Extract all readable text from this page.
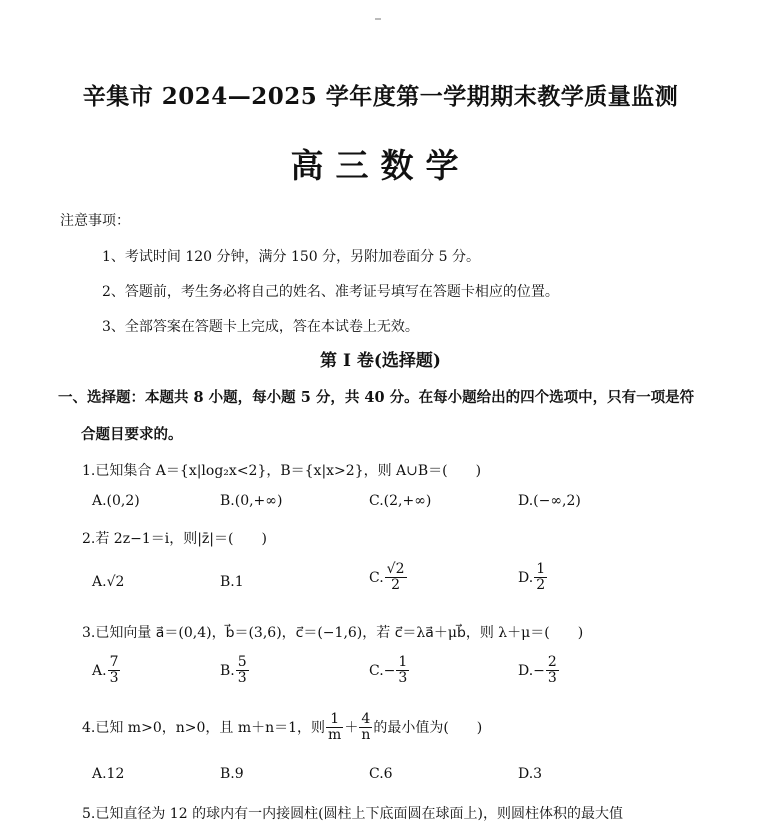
辛集市 2024—2025 学年度第一学期期末教学质量监测
高三数学
注意事项：
1、考试时间 120 分钟，满分 150 分，另附加卷面分 5 分。
2、答题前，考生务必将自己的姓名、准考证号填写在答题卡相应的位置。
3、全部答案在答题卡上完成，答在本试卷上无效。
第 I 卷(选择题)
一、选择题：本题共 8 小题，每小题 5 分，共 40 分。在每小题给出的四个选项中，只有一项是符
合题目要求的。
1.已知集合 A＝{x|log₂x<2}，B＝{x|x>2}，则 A∪B＝(　　)
A.(0,2)	B.(0,+∞)	C.(2,+∞)	D.(−∞,2)
2.若 2z−1＝i，则|z̄|＝(　　)
A.√2	B.1	C. $\frac{√2}{2}$	D. $\frac{1}{2}$
3.已知向量 a⃗＝(0,4)，b⃗＝(3,6)，c⃗＝(−1,6)，若 c⃗＝λa⃗＋μb⃗，则 λ＋μ＝(　　)
A. $\frac{7}{3}$	B. $\frac{5}{3}$	$C.- \frac{1}{3}$	$D.- \frac{2}{3}$
4.已知 m>0，n>0，且 m＋n＝1，则 $\frac{1}{m} + \frac{4}{n}$ 的最小值为(　　)
A.12	B.9	C.6	D.3
5.已知直径为 12 的球内有一内接圆柱(圆柱上下底面圆在球面上)，则圆柱体积的最大值
